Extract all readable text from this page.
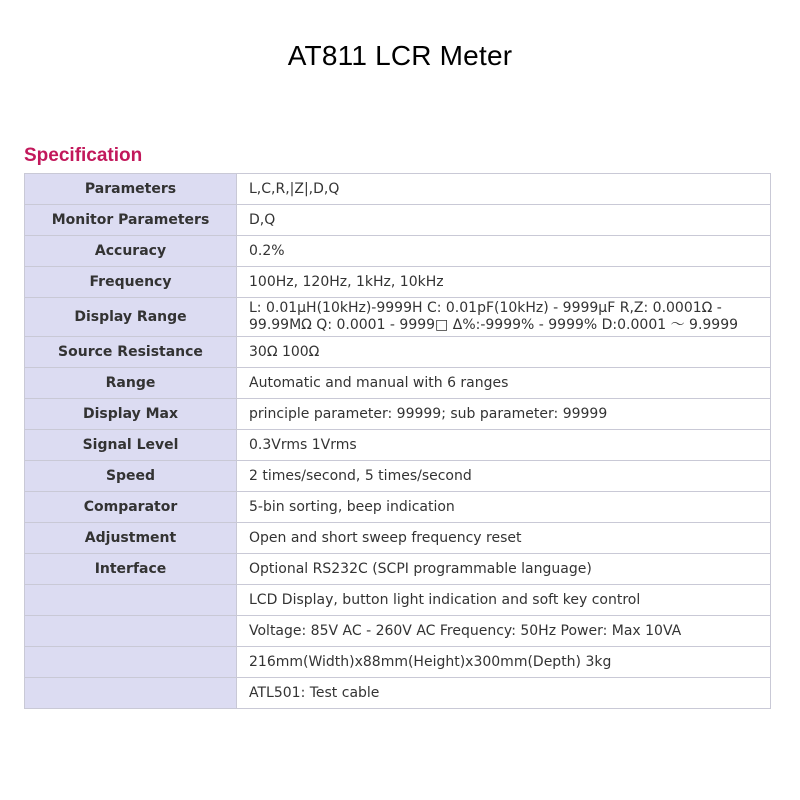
AT811 LCR Meter
Specification
Parameters	L,C,R,|Z|,D,Q
Monitor Parameters	D,Q
Accuracy	0.2%
Frequency	100Hz, 120Hz, 1kHz, 10kHz
Display Range	L: 0.01μH(10kHz)-9999H C: 0.01pF(10kHz) - 9999μF R,Z: 0.0001Ω - 99.99MΩ Q: 0.0001 - 9999□ Δ%:-9999% - 9999% D:0.0001 ～ 9.9999
Source Resistance	30Ω 100Ω
Range	Automatic and manual with 6 ranges
Display Max	principle parameter: 99999; sub parameter: 99999
Signal Level	0.3Vrms 1Vrms
Speed	2 times/second, 5 times/second
Comparator	5-bin sorting, beep indication
Adjustment	Open and short sweep frequency reset
Interface	Optional RS232C (SCPI programmable language)
	LCD Display, button light indication and soft key control
	Voltage: 85V AC - 260V AC Frequency: 50Hz Power: Max 10VA
	216mm(Width)x88mm(Height)x300mm(Depth) 3kg
	ATL501: Test cable
